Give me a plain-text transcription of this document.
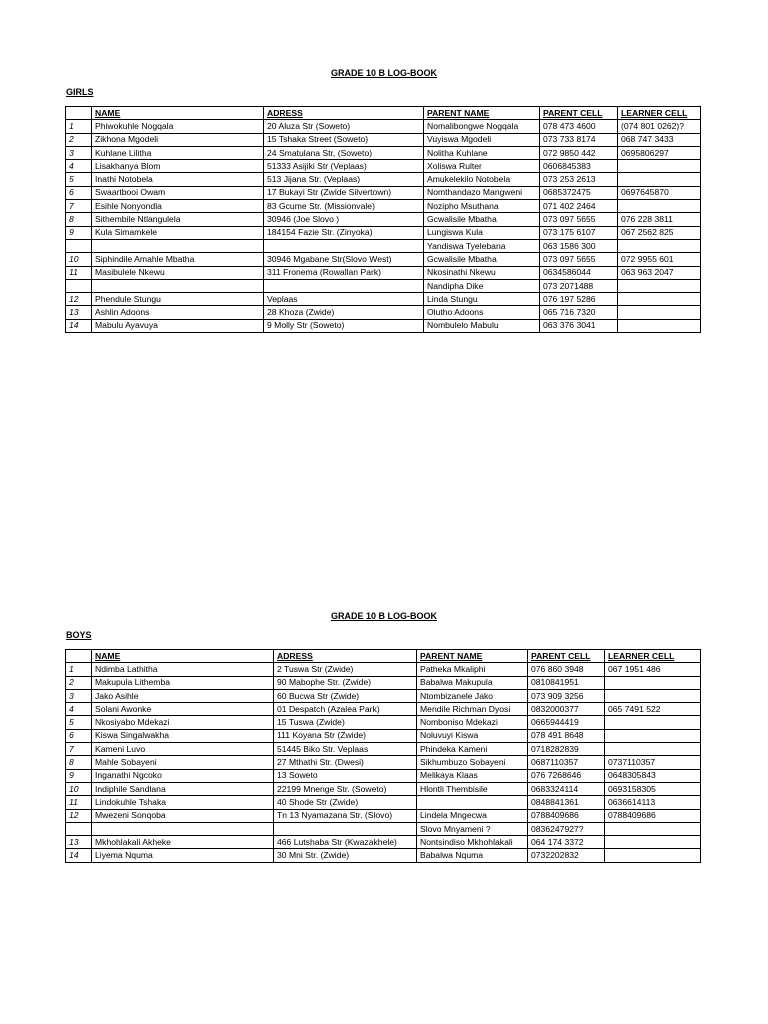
GRADE 10 B LOG-BOOK
GIRLS
	NAME	ADRESS	PARENT NAME	PARENT CELL	LEARNER CELL
1	Phiwokuhle Nogqala	20 Aluza Str (Soweto)	Nomalibongwe Nogqala	078 473 4600	(074 801 0262)?
2	Zikhona Mgodeli	15 Tshaka Street (Soweto)	Vuyiswa Mgodeli	073 733 8174	068 747 3433
3	Kuhlane Lilitha	24 Smatulana Str, (Soweto)	Nolitha Kuhlane	072 9850 442	0695806297
4	Lisakhanya Blom	51333 Asijiki Str (Veplaas)	Xoliswa Rulter	0606845383	
5	Inathi Notobela	513 Jijana Str. (Veplaas)	Amukelekilo Notobela	073 253 2613	
6	Swaartbooi Owam	17 Bukayi Str (Zwide Silvertown)	Nomthandazo Mangweni	0685372475	0697645870
7	Esihle Nonyondla	83 Gcume Str. (Missionvale)	Nozipho Msuthana	071 402 2464	
8	Sithembile Ntlangulela	30946 (Joe Slovo )	Gcwalisile Mbatha	073 097 5655	076 228 3811
9	Kula Simamkele	184154 Fazie Str. (Zinyoka)	Lungiswa Kula	073 175 6107	067 2562 825
			Yandiswa Tyelebana	063 1586 300	
10	Siphindile Amahle Mbatha	30946 Mgabane Str(Slovo West)	Gcwalisile Mbatha	073 097 5655	072 9955 601
11	Masibulele Nkewu	311 Fronema (Rowallan Park)	Nkosinathi Nkewu	0634586044	063 963 2047
			Nandipha Dike	073 2071488	
12	Phendule Stungu	Veplaas	Linda Stungu	076 197 5286	
13	Ashlin Adoons	28 Khoza (Zwide)	Olutho Adoons	065 716 7320	
14	Mabulu Ayavuya	9 Molly Str (Soweto)	Nombulelo Mabulu	063 376 3041	
GRADE 10 B LOG-BOOK
BOYS
	NAME	ADRESS	PARENT NAME	PARENT CELL	LEARNER CELL
1	Ndimba Lathitha	2 Tuswa Str (Zwide)	Patheka Mkaliphi	076 860 3948	067 1951 486
2	Makupula Lithemba	90 Mabophe Str. (Zwide)	Babalwa Makupula	0810841951	
3	Jako Asihle	60 Bucwa Str (Zwide)	Ntombizanele Jako	073 909 3256	
4	Solani Awonke	01 Despatch (Azalea Park)	Mendile Richman Dyosi	0832000377	065 7491 522
5	Nkosiyabo Mdekazi	15 Tuswa (Zwide)	Nomboniso Mdekazi	0665944419	
6	Kiswa Singalwakha	111 Koyana Str (Zwide)	Noluvuyi Kiswa	078 491 8648	
7	Kameni Luvo	51445 Biko Str. Veplaas	Phindeka Kameni	0718282839	
8	Mahle Sobayeni	27 Mthathi Str. (Dwesi)	Sikhumbuzo Sobayeni	0687110357	0737110357
9	Inganathi Ngcoko	13 Soweto	Melikaya Klaas	076 7268646	0648305843
10	Indiphile Sandlana	22199 Mnenge Str. (Soweto)	Hlontli Thembisile	0683324114	0693158305
11	Lindokuhle Tshaka	40 Shode Str (Zwide)		0848841361	0636614113
12	Mwezeni Sonqoba	Tn 13 Nyamazana Str. (Slovo)	Lindela Mngecwa	0788409686	0788409686
			Slovo Mnyameni ?	0836247927?	
13	Mkhohlakali Akheke	466 Lutshaba Str (Kwazakhele)	Nontsindiso Mkhohlakali	064 174 3372	
14	Liyema Nquma	30 Mni Str. (Zwide)	Babalwa Nquma	0732202832	
